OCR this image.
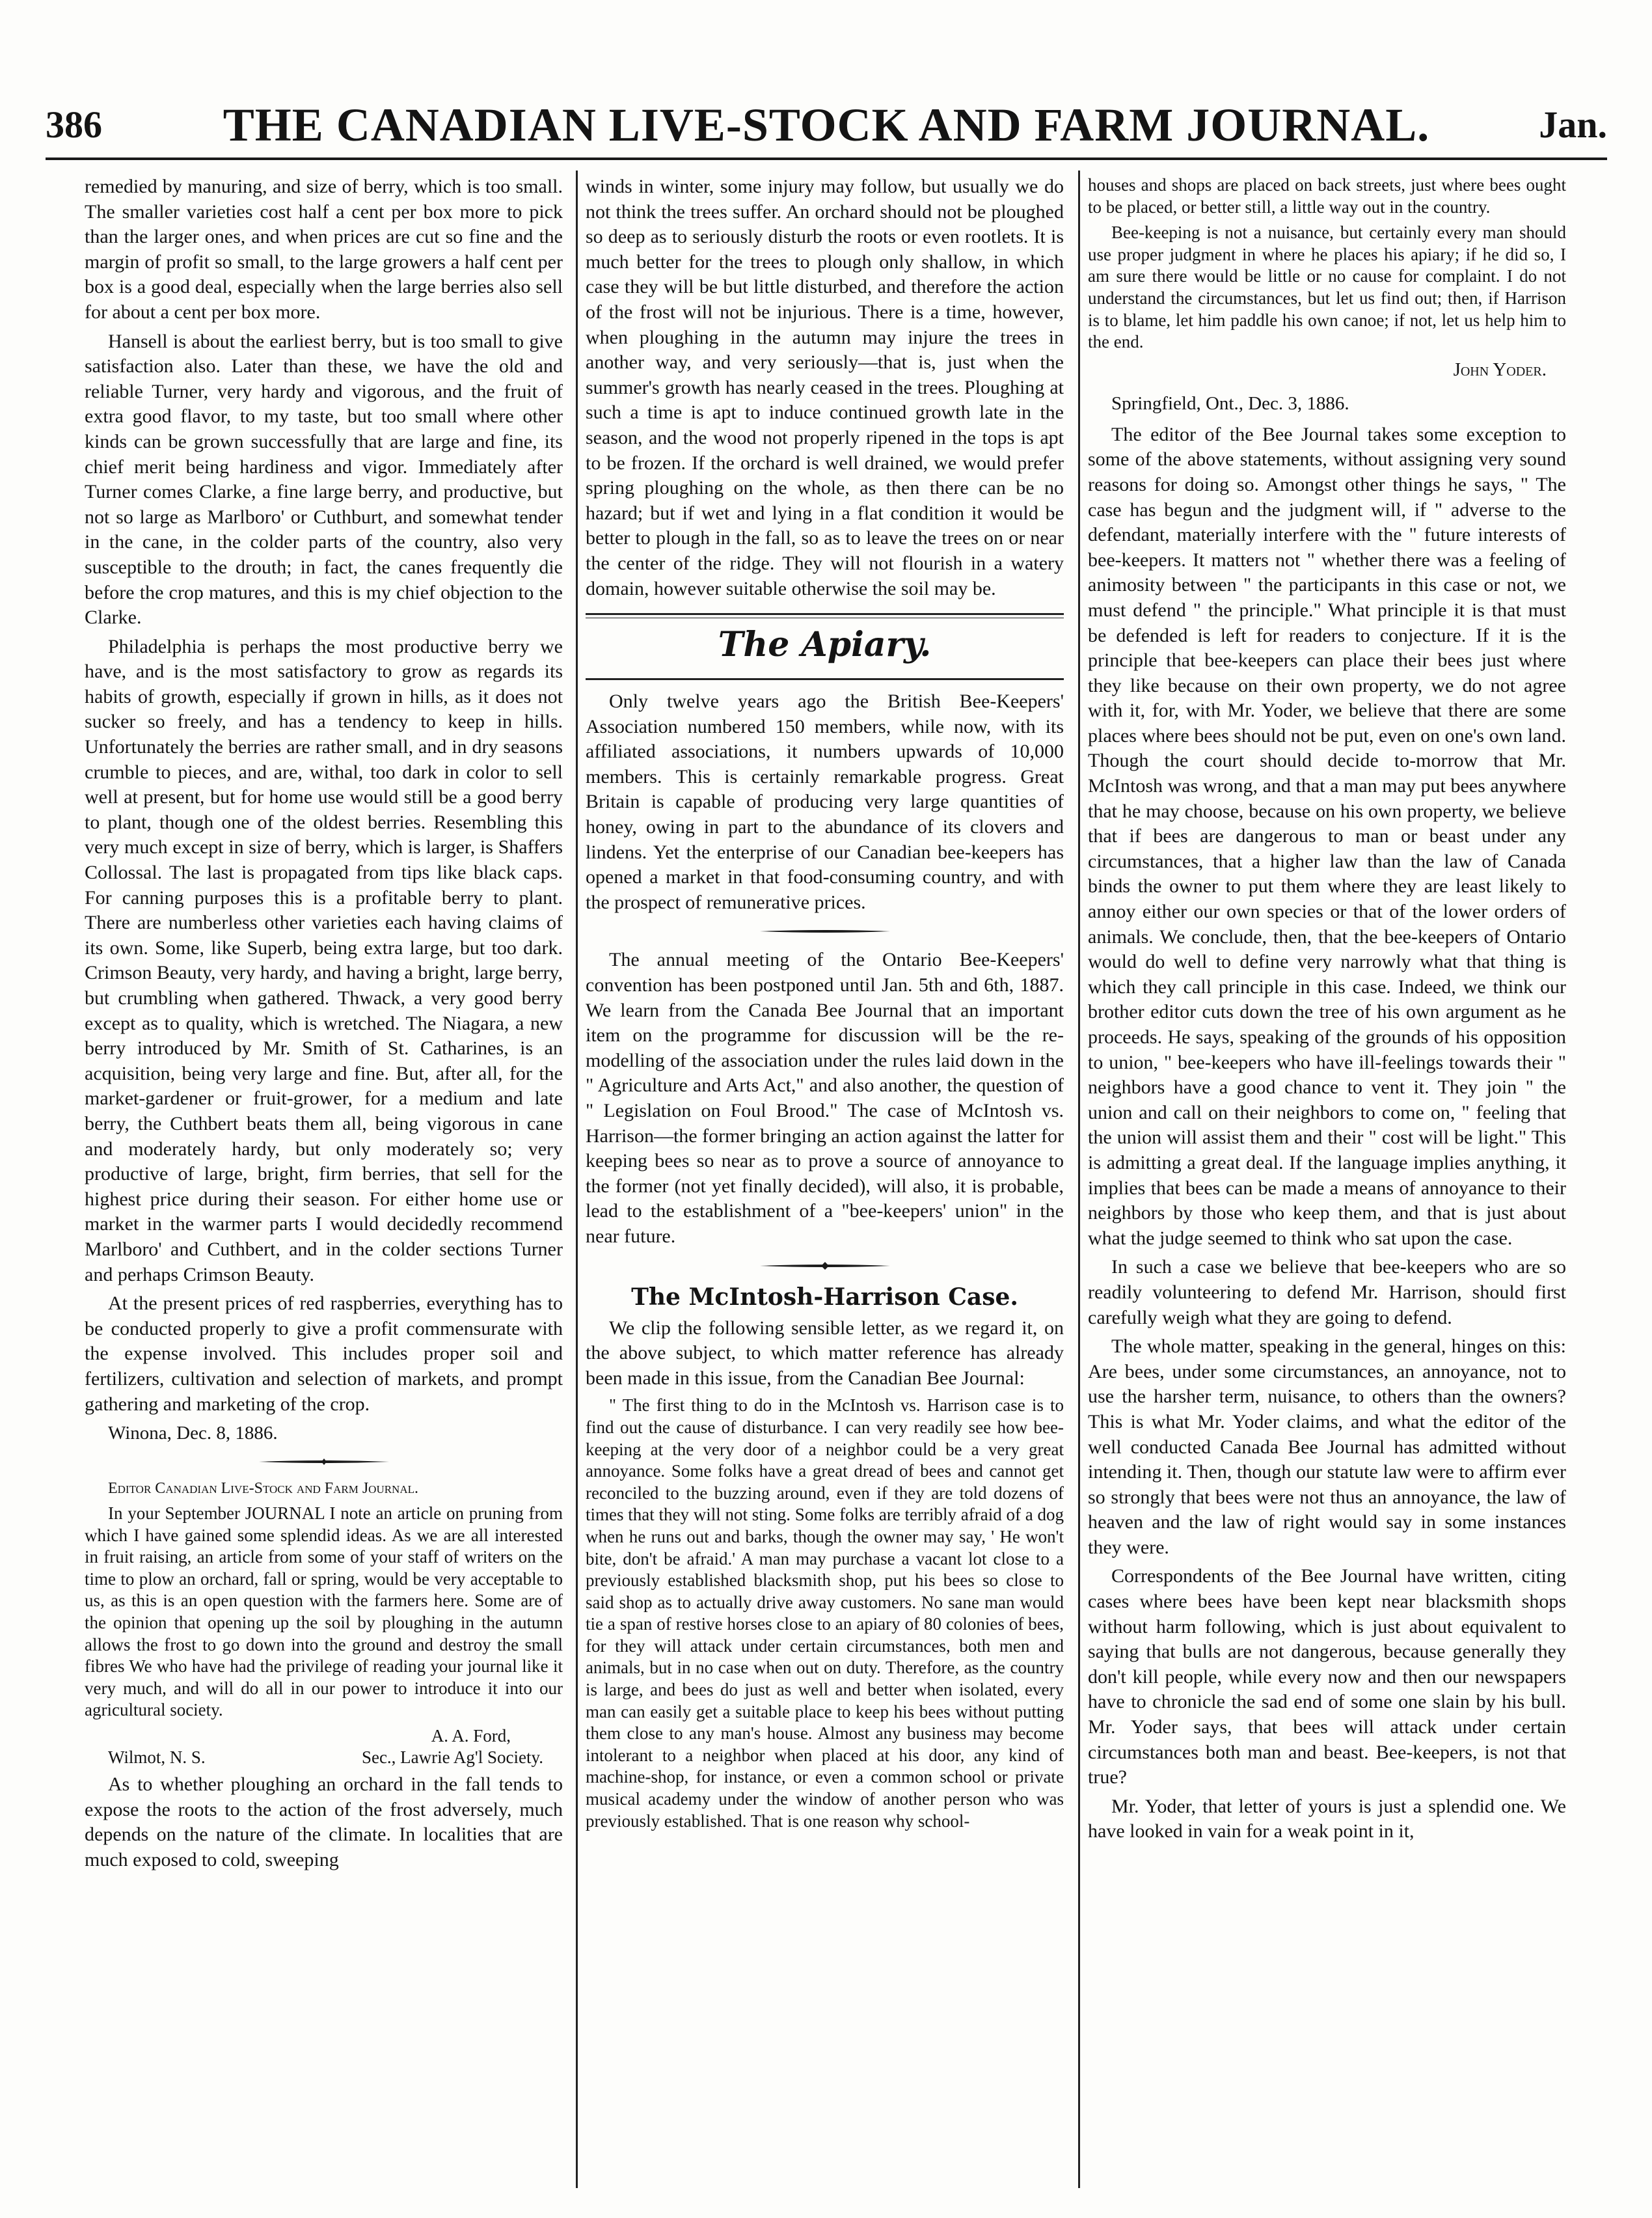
386	THE CANADIAN LIVE-STOCK AND FARM JOURNAL.	Jan.

remedied by manuring, and size of berry, which is too small. The smaller varieties cost half a cent per box more to pick than the larger ones, and when prices are cut so fine and the margin of profit so small, to the large growers a half cent per box is a good deal, especially when the large berries also sell for about a cent per box more.

Hansell is about the earliest berry, but is too small to give satisfaction also. Later than these, we have the old and reliable Turner, very hardy and vigorous, and the fruit of extra good flavor, to my taste, but too small where other kinds can be grown successfully that are large and fine, its chief merit being hardiness and vigor. Immediately after Turner comes Clarke, a fine large berry, and productive, but not so large as Marlboro' or Cuthburt, and somewhat tender in the cane, in the colder parts of the country, also very susceptible to the drouth; in fact, the canes frequently die before the crop matures, and this is my chief objection to the Clarke.

Philadelphia is perhaps the most productive berry we have, and is the most satisfactory to grow as regards its habits of growth, especially if grown in hills, as it does not sucker so freely, and has a tendency to keep in hills. Unfortunately the berries are rather small, and in dry seasons crumble to pieces, and are, withal, too dark in color to sell well at present, but for home use would still be a good berry to plant, though one of the oldest berries. Resembling this very much except in size of berry, which is larger, is Shaffers Collossal. The last is propagated from tips like black caps. For canning purposes this is a profitable berry to plant. There are numberless other varieties each having claims of its own. Some, like Superb, being extra large, but too dark. Crimson Beauty, very hardy, and having a bright, large berry, but crumbling when gathered. Thwack, a very good berry except as to quality, which is wretched. The Niagara, a new berry introduced by Mr. Smith of St. Catharines, is an acquisition, being very large and fine. But, after all, for the market-gardener or fruit-grower, for a medium and late berry, the Cuthbert beats them all, being vigorous in cane and moderately hardy, but only moderately so; very productive of large, bright, firm berries, that sell for the highest price during their season. For either home use or market in the warmer parts I would decidedly recommend Marlboro' and Cuthbert, and in the colder sections Turner and perhaps Crimson Beauty.

At the present prices of red raspberries, everything has to be conducted properly to give a profit commensurate with the expense involved. This includes proper soil and fertilizers, cultivation and selection of markets, and prompt gathering and marketing of the crop.

Winona, Dec. 8, 1886.

Editor Canadian Live-Stock and Farm Journal.

In your September JOURNAL I note an article on pruning from which I have gained some splendid ideas. As we are all interested in fruit raising, an article from some of your staff of writers on the time to plow an orchard, fall or spring, would be very acceptable to us, as this is an open question with the farmers here. Some are of the opinion that opening up the soil by ploughing in the autumn allows the frost to go down into the ground and destroy the small fibres We who have had the privilege of reading your journal like it very much, and will do all in our power to introduce it into our agricultural society.

A. A. Ford,
Wilmot, N. S.	Sec., Lawrie Ag'l Society.

As to whether ploughing an orchard in the fall tends to expose the roots to the action of the frost adversely, much depends on the nature of the climate. In localities that are much exposed to cold, sweeping

winds in winter, some injury may follow, but usually we do not think the trees suffer. An orchard should not be ploughed so deep as to seriously disturb the roots or even rootlets. It is much better for the trees to plough only shallow, in which case they will be but little disturbed, and therefore the action of the frost will not be injurious. There is a time, however, when ploughing in the autumn may injure the trees in another way, and very seriously—that is, just when the summer's growth has nearly ceased in the trees. Ploughing at such a time is apt to induce continued growth late in the season, and the wood not properly ripened in the tops is apt to be frozen. If the orchard is well drained, we would prefer spring ploughing on the whole, as then there can be no hazard; but if wet and lying in a flat condition it would be better to plough in the fall, so as to leave the trees on or near the center of the ridge. They will not flourish in a watery domain, however suitable otherwise the soil may be.

The Apiary.

Only twelve years ago the British Bee-Keepers' Association numbered 150 members, while now, with its affiliated associations, it numbers upwards of 10,000 members. This is certainly remarkable progress. Great Britain is capable of producing very large quantities of honey, owing in part to the abundance of its clovers and lindens. Yet the enterprise of our Canadian bee-keepers has opened a market in that food-consuming country, and with the prospect of remunerative prices.

The annual meeting of the Ontario Bee-Keepers' convention has been postponed until Jan. 5th and 6th, 1887. We learn from the Canada Bee Journal that an important item on the programme for discussion will be the re-modelling of the association under the rules laid down in the " Agriculture and Arts Act," and also another, the question of " Legislation on Foul Brood." The case of McIntosh vs. Harrison—the former bringing an action against the latter for keeping bees so near as to prove a source of annoyance to the former (not yet finally decided), will also, it is probable, lead to the establishment of a "bee-keepers' union" in the near future.

The McIntosh-Harrison Case.

We clip the following sensible letter, as we regard it, on the above subject, to which matter reference has already been made in this issue, from the Canadian Bee Journal:

" The first thing to do in the McIntosh vs. Harrison case is to find out the cause of disturbance. I can very readily see how bee-keeping at the very door of a neighbor could be a very great annoyance. Some folks have a great dread of bees and cannot get reconciled to the buzzing around, even if they are told dozens of times that they will not sting. Some folks are terribly afraid of a dog when he runs out and barks, though the owner may say, ' He won't bite, don't be afraid.' A man may purchase a vacant lot close to a previously established blacksmith shop, put his bees so close to said shop as to actually drive away customers. No sane man would tie a span of restive horses close to an apiary of 80 colonies of bees, for they will attack under certain circumstances, both men and animals, but in no case when out on duty. Therefore, as the country is large, and bees do just as well and better when isolated, every man can easily get a suitable place to keep his bees without putting them close to any man's house. Almost any business may become intolerant to a neighbor when placed at his door, any kind of machine-shop, for instance, or even a common school or private musical academy under the window of another person who was previously established. That is one reason why school-

houses and shops are placed on back streets, just where bees ought to be placed, or better still, a little way out in the country.

Bee-keeping is not a nuisance, but certainly every man should use proper judgment in where he places his apiary; if he did so, I am sure there would be little or no cause for complaint. I do not understand the circumstances, but let us find out; then, if Harrison is to blame, let him paddle his own canoe; if not, let us help him to the end.

John Yoder.

Springfield, Ont., Dec. 3, 1886.

The editor of the Bee Journal takes some exception to some of the above statements, without assigning very sound reasons for doing so. Amongst other things he says, " The case has begun and the judgment will, if " adverse to the defendant, materially interfere with the " future interests of bee-keepers. It matters not " whether there was a feeling of animosity between " the participants in this case or not, we must defend " the principle." What principle it is that must be defended is left for readers to conjecture. If it is the principle that bee-keepers can place their bees just where they like because on their own property, we do not agree with it, for, with Mr. Yoder, we believe that there are some places where bees should not be put, even on one's own land. Though the court should decide to-morrow that Mr. McIntosh was wrong, and that a man may put bees anywhere that he may choose, because on his own property, we believe that if bees are dangerous to man or beast under any circumstances, that a higher law than the law of Canada binds the owner to put them where they are least likely to annoy either our own species or that of the lower orders of animals. We conclude, then, that the bee-keepers of Ontario would do well to define very narrowly what that thing is which they call principle in this case. Indeed, we think our brother editor cuts down the tree of his own argument as he proceeds. He says, speaking of the grounds of his opposition to union, " bee-keepers who have ill-feelings towards their " neighbors have a good chance to vent it. They join " the union and call on their neighbors to come on, " feeling that the union will assist them and their " cost will be light." This is admitting a great deal. If the language implies anything, it implies that bees can be made a means of annoyance to their neighbors by those who keep them, and that is just about what the judge seemed to think who sat upon the case.

In such a case we believe that bee-keepers who are so readily volunteering to defend Mr. Harrison, should first carefully weigh what they are going to defend.

The whole matter, speaking in the general, hinges on this: Are bees, under some circumstances, an annoyance, not to use the harsher term, nuisance, to others than the owners? This is what Mr. Yoder claims, and what the editor of the well conducted Canada Bee Journal has admitted without intending it. Then, though our statute law were to affirm ever so strongly that bees were not thus an annoyance, the law of heaven and the law of right would say in some instances they were.

Correspondents of the Bee Journal have written, citing cases where bees have been kept near blacksmith shops without harm following, which is just about equivalent to saying that bulls are not dangerous, because generally they don't kill people, while every now and then our newspapers have to chronicle the sad end of some one slain by his bull. Mr. Yoder says, that bees will attack under certain circumstances both man and beast. Bee-keepers, is not that true?

Mr. Yoder, that letter of yours is just a splendid one. We have looked in vain for a weak point in it,
